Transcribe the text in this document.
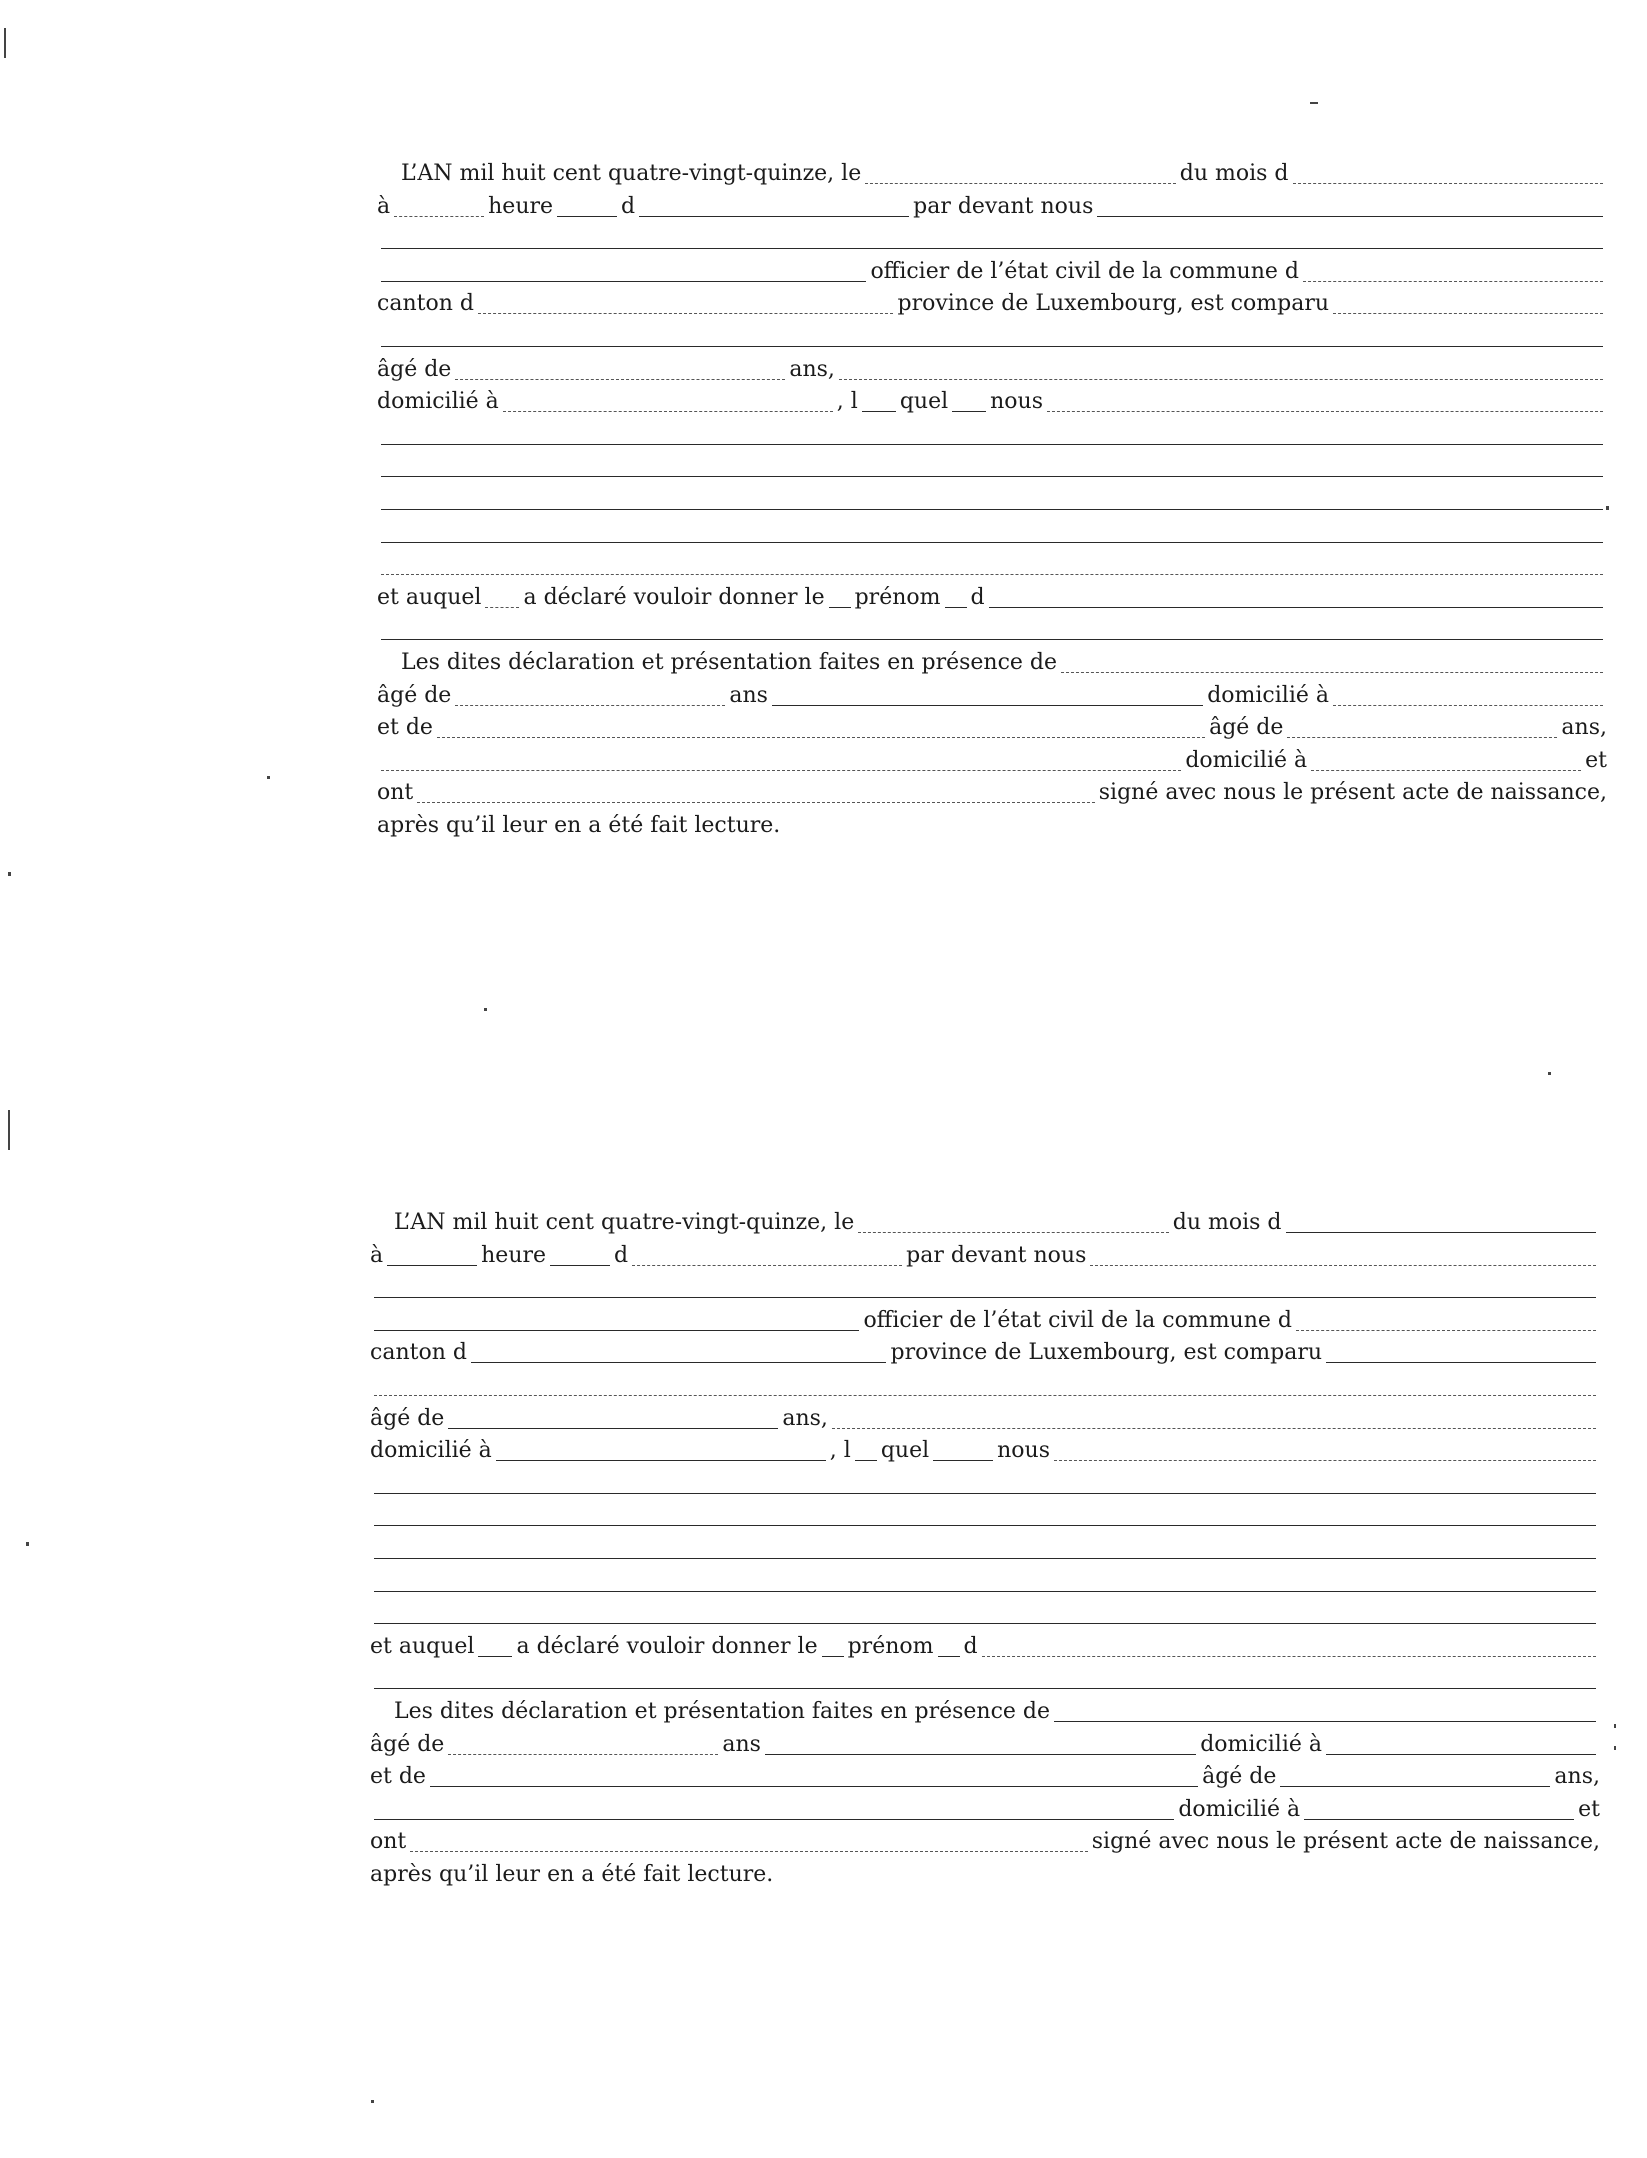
L’AN mil huit cent quatre-vingt-quinze, le	du mois d
à	heure	d	par devant nous
officier de l’état civil de la commune d
canton d	province de Luxembourg, est comparu
âgé de	ans,
domicilié à	, l quel nous
et auquel a déclaré vouloir donner le prénom d
Les dites déclaration et présentation faites en présence de
âgé de	ans	domicilié à
et de	âgé de	ans,
domicilié à	et
ont	signé avec nous le présent acte de naissance,
après qu’il leur en a été fait lecture.
L’AN mil huit cent quatre-vingt-quinze, le	du mois d
à	heure	d	par devant nous
officier de l’état civil de la commune d
canton d	province de Luxembourg, est comparu
âgé de	ans,
domicilié à	, l quel	nous
et auquel a déclaré vouloir donner le prénom d
Les dites déclaration et présentation faites en présence de
âgé de	ans	domicilié à
et de	âgé de	ans,
domicilié à	et
ont	signé avec nous le présent acte de naissance,
après qu’il leur en a été fait lecture.
